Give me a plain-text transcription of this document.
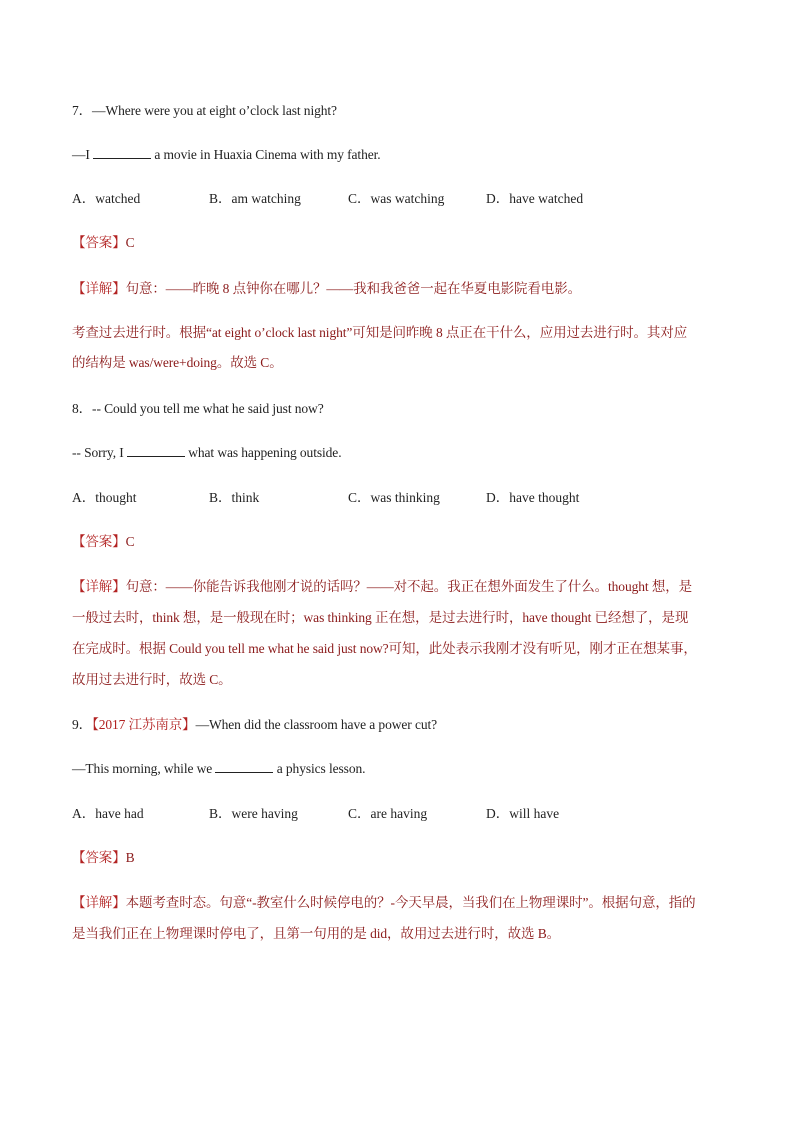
7．—Where were you at eight o’clock last night?
—I	a movie in Huaxia Cinema with my father.
A．watched	B．am watching	C．was watching	D．have watched
【答案】C
【详解】句意：——昨晚 8 点钟你在哪儿？——我和我爸爸一起在华夏电影院看电影。
考查过去进行时。根据“at eight o’clock last night”可知是问昨晚 8 点正在干什么，应用过去进行时。其对应
的结构是 was/were+doing。故选 C。
8．-- Could you tell me what he said just now?
-- Sorry, I	what was happening outside.
A．thought	B．think	C．was thinking	D．have thought
【答案】C
【详解】句意：——你能告诉我他刚才说的话吗？——对不起。我正在想外面发生了什么。thought 想，是
一般过去时，think 想，是一般现在时；was thinking 正在想，是过去进行时，have thought 已经想了，是现
在完成时。根据 Could you tell me what he said just now?可知，此处表示我刚才没有听见，刚才正在想某事，
故用过去进行时，故选 C。
9．【2017 江苏南京】—When did the classroom have a power cut?
—This morning, while we	a physics lesson.
A．have had	B．were having	C．are having	D．will have
【答案】B
【详解】本题考查时态。句意“-教室什么时候停电的？-今天早晨，当我们在上物理课时”。根据句意，指的
是当我们正在上物理课时停电了，且第一句用的是 did，故用过去进行时，故选 B。
